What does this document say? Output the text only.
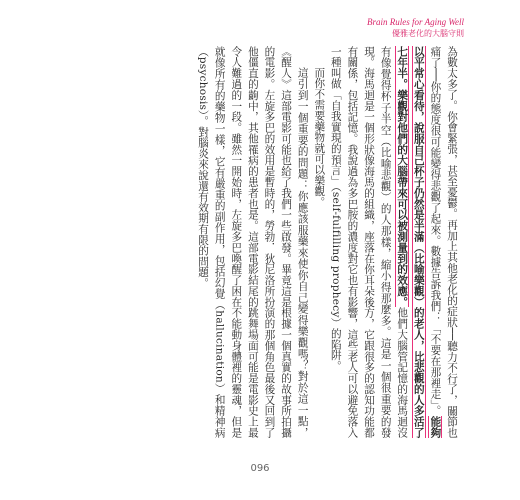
Brain Rules for Aging Well
優雅老化的大腦守則

為數太多了。你會緊張，甚至憂鬱。再加上其他老化的症狀──聽力不行了，關節也痛了──你的態度很可能變得悲觀了起來。數據告訴我們：「不要在那裡走」。能夠以平常心看待，說服自己杯子仍然是半滿（比喻樂觀）的老人，比悲觀的人多活了七年半。樂觀對他們的大腦帶來可以被測量到的效應。他們大腦管記憶的海馬迴沒有像覺得杯子半空（比喻悲觀）的人那樣，縮小得那麼多。這是一個很重要的發現。海馬迴是一個形狀像海馬的組織，座落在你耳朵後方，它跟很多的認知功能都有關係，包括記憶。我說過為多巴胺的濃度對它也有影響，這些老人可以避免落入一種叫做「自我實現的預言」（self-fulfilling prophecy）的陷阱。

而你不需要藥物就可以樂觀。

這引到一個重要的問題：你應該服藥來使你自己變得樂觀嗎？對於這一點，《醒人》這部電影可能也給了我們一些啟發。畢竟這是根據一個真實的故事所拍攝的電影。左旋多巴的效用是暫時的，勞勃．狄尼洛所扮演的那個角色最後又回到了他僵直的齣中，其他罹病的患者也是。這部電影結尾的跳舞場面可能是電影史上最令人難過的一段。雖然一開始時，左旋多巴喚醒了困在不能動身體裡的靈魂，但是就像所有的藥物一樣，它有嚴重的副作用，包括幻覺（hallucination）和精神病（psychosis）。對腦炎來說還有效期有限的問題。

096
